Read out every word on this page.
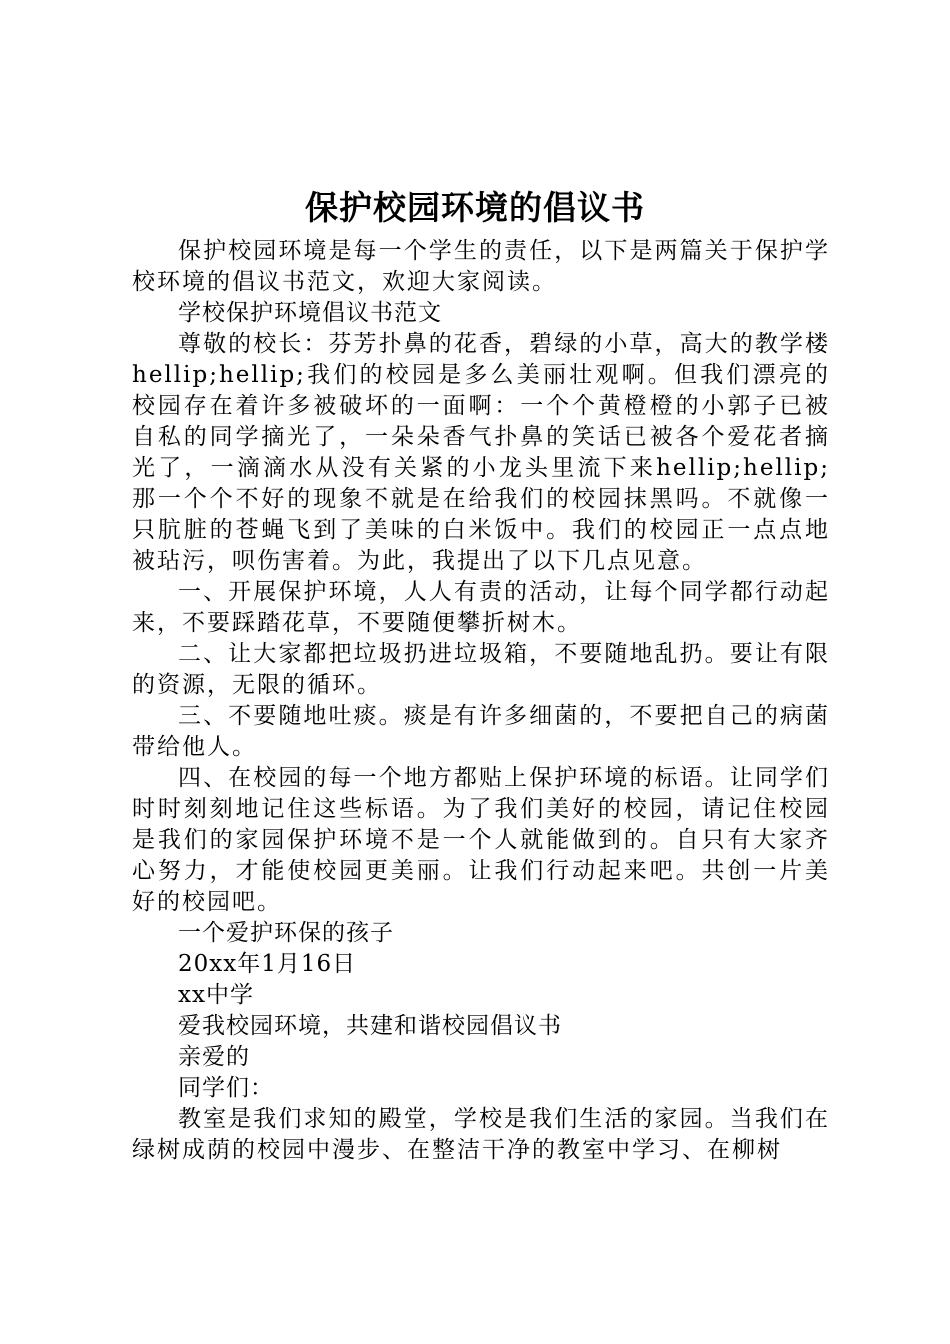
保护校园环境的倡议书

保护校园环境是每一个学生的责任，以下是两篇关于保护学校环境的倡议书范文，欢迎大家阅读。

学校保护环境倡议书范文

尊敬的校长：芬芳扑鼻的花香，碧绿的小草，高大的教学楼hellip;hellip;我们的校园是多么美丽壮观啊。但我们漂亮的校园存在着许多被破坏的一面啊：一个个黄橙橙的小郭子已被自私的同学摘光了，一朵朵香气扑鼻的笑话已被各个爱花者摘光了，一滴滴水从没有关紧的小龙头里流下来hellip;hellip;那一个个不好的现象不就是在给我们的校园抹黑吗。不就像一只肮脏的苍蝇飞到了美味的白米饭中。我们的校园正一点点地被玷污，呗伤害着。为此，我提出了以下几点见意。

一、开展保护环境，人人有责的活动，让每个同学都行动起来，不要踩踏花草，不要随便攀折树木。

二、让大家都把垃圾扔进垃圾箱，不要随地乱扔。要让有限的资源，无限的循环。

三、不要随地吐痰。痰是有许多细菌的，不要把自己的病菌带给他人。

四、在校园的每一个地方都贴上保护环境的标语。让同学们时时刻刻地记住这些标语。为了我们美好的校园，请记住校园是我们的家园保护环境不是一个人就能做到的。自只有大家齐心努力，才能使校园更美丽。让我们行动起来吧。共创一片美好的校园吧。

一个爱护环保的孩子

20xx年1月16日

xx中学

爱我校园环境，共建和谐校园倡议书

亲爱的

同学们：

教室是我们求知的殿堂，学校是我们生活的家园。当我们在绿树成荫的校园中漫步、在整洁干净的教室中学习、在柳树
